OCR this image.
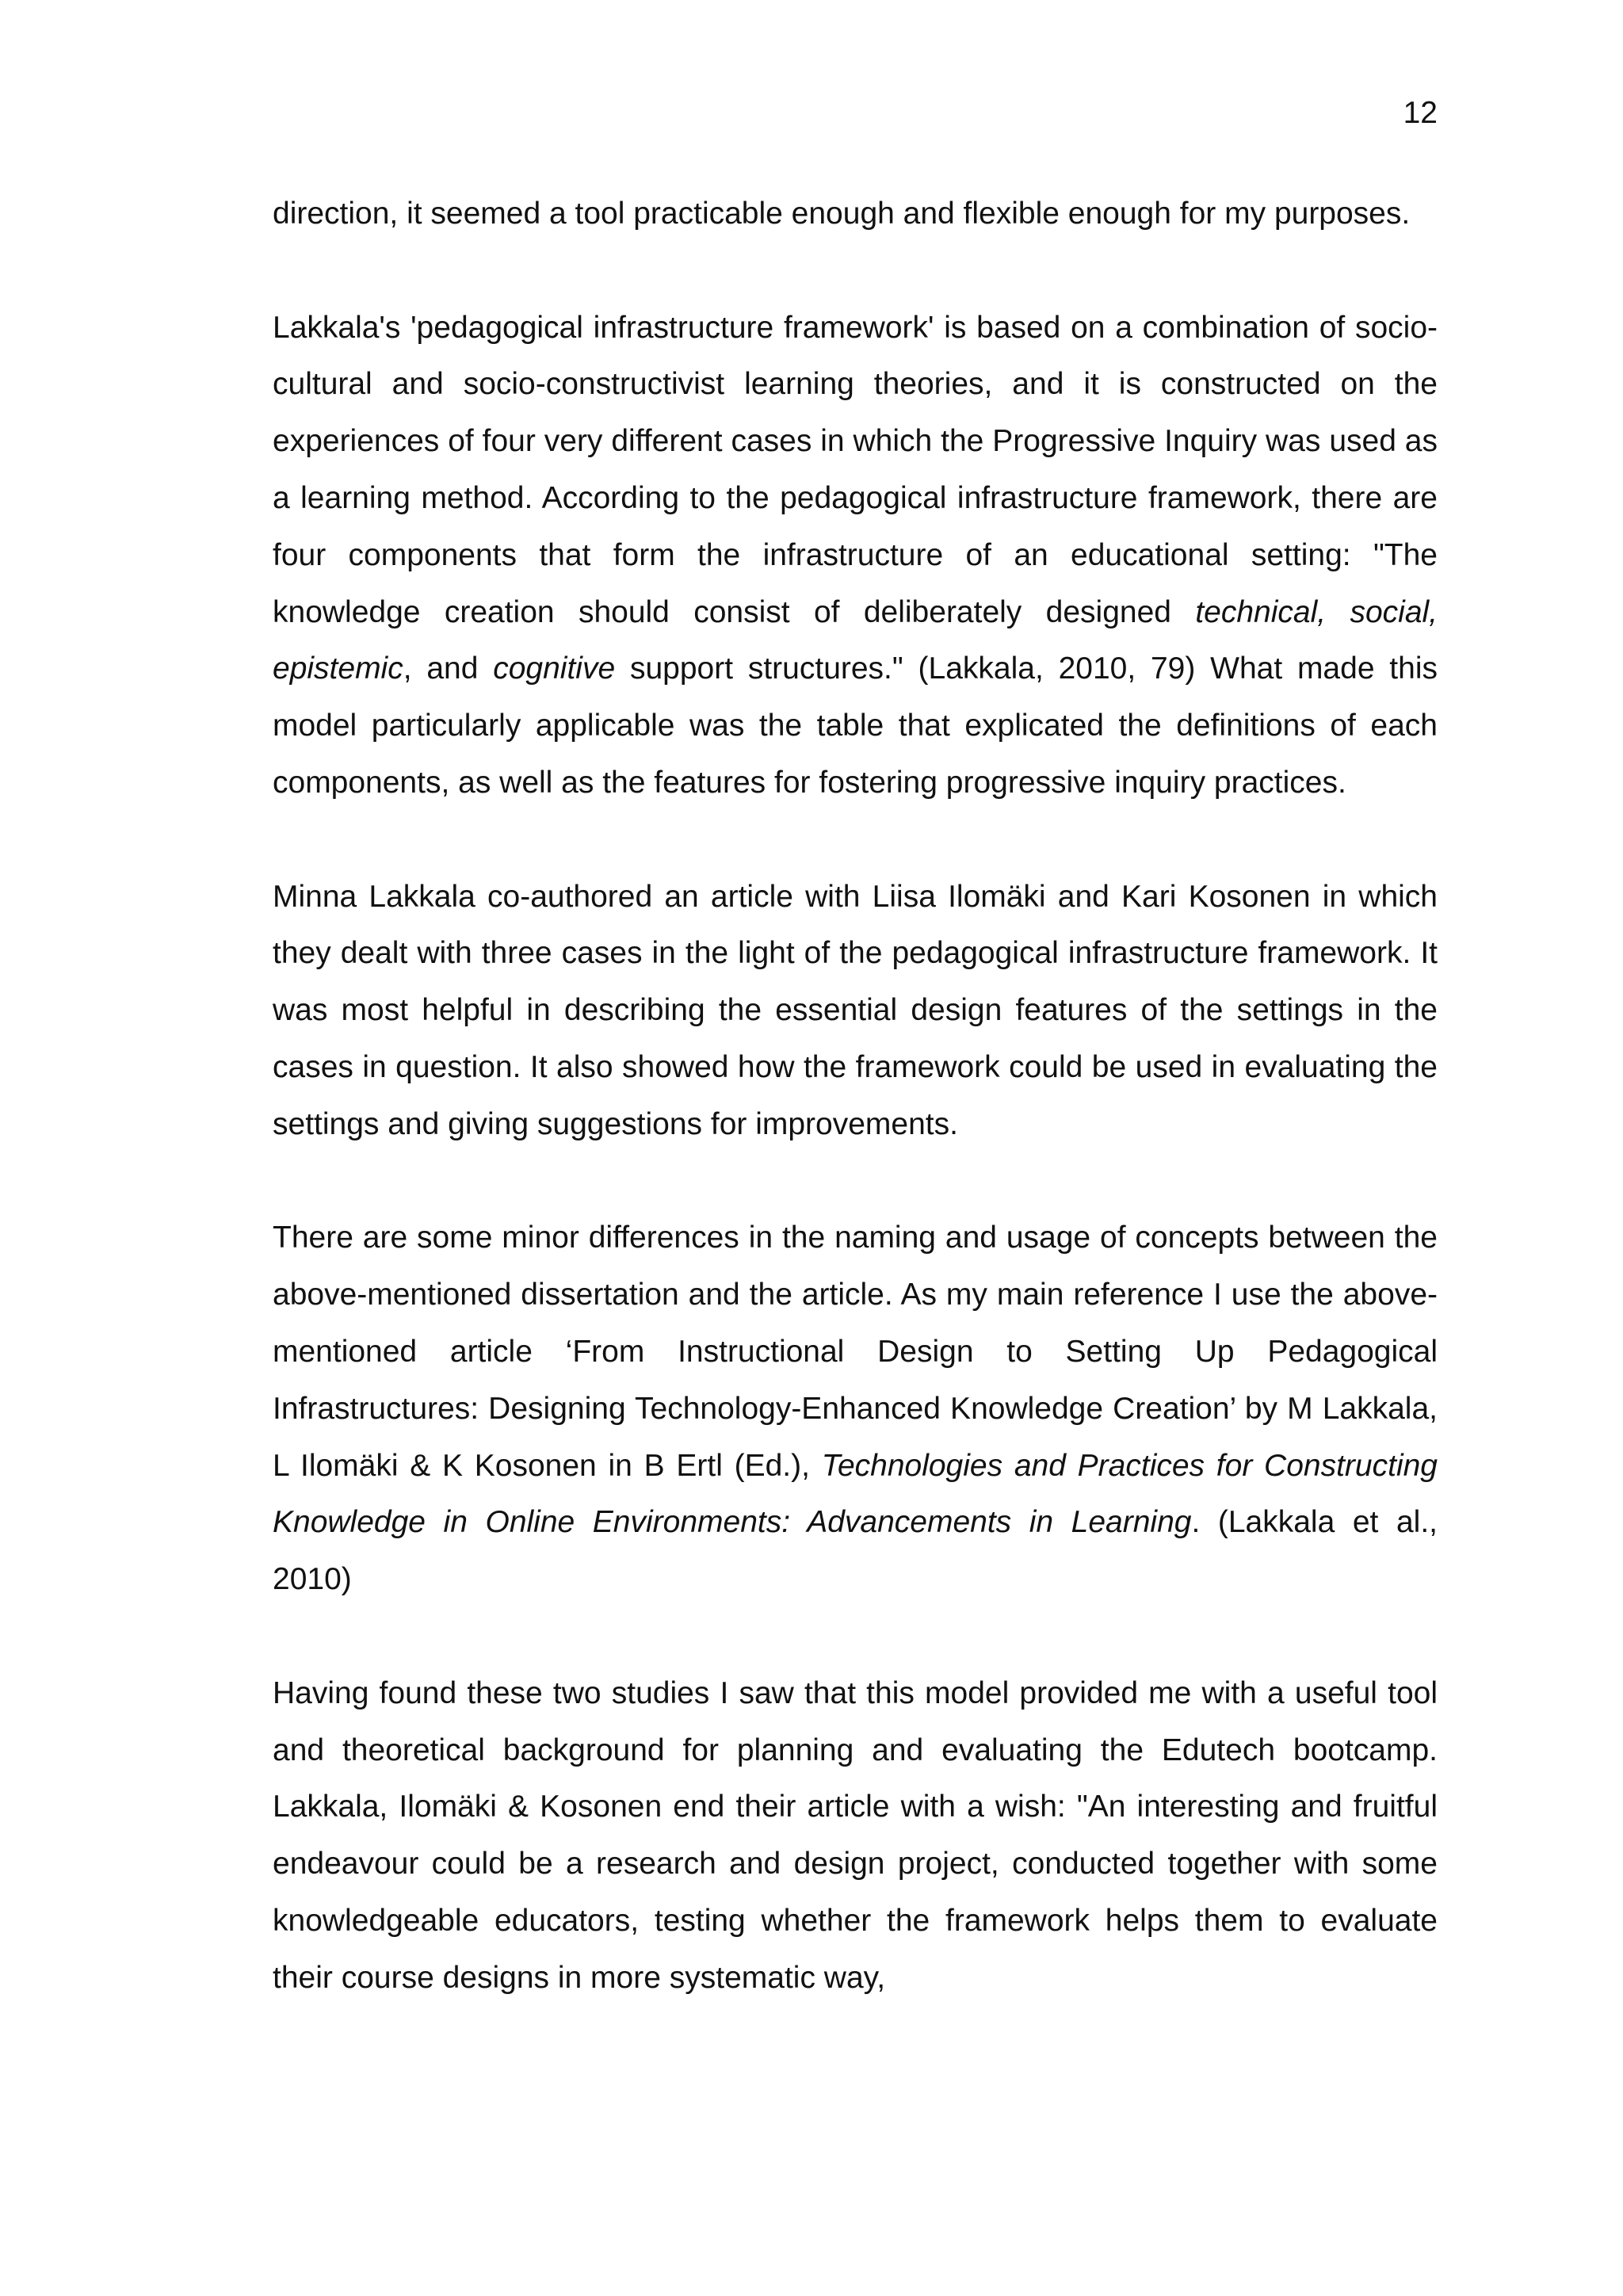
12

direction, it seemed a tool practicable enough and flexible enough for my purposes.

Lakkala's 'pedagogical infrastructure framework' is based on a combination of socio-cultural and socio-constructivist learning theories, and it is constructed on the experiences of four very different cases in which the Progressive Inquiry was used as a learning method. According to the pedagogical infrastructure framework, there are four components that form the infrastructure of an educational setting: "The knowledge creation should consist of deliberately designed technical, social, epistemic, and cognitive support structures." (Lakkala, 2010, 79) What made this model particularly applicable was the table that explicated the definitions of each components, as well as the features for fostering progressive inquiry practices.

Minna Lakkala co-authored an article with Liisa Ilomäki and Kari Kosonen in which they dealt with three cases in the light of the pedagogical infrastructure framework. It was most helpful in describing the essential design features of the settings in the cases in question. It also showed how the framework could be used in evaluating the settings and giving suggestions for improvements.

There are some minor differences in the naming and usage of concepts between the above-mentioned dissertation and the article. As my main reference I use the above-mentioned article ‘From Instructional Design to Setting Up Pedagogical Infrastructures: Designing Technology-Enhanced Knowledge Creation’ by M Lakkala, L Ilomäki & K Kosonen in B Ertl (Ed.), Technologies and Practices for Constructing Knowledge in Online Environments: Advancements in Learning. (Lakkala et al., 2010)

Having found these two studies I saw that this model provided me with a useful tool and theoretical background for planning and evaluating the Edutech bootcamp. Lakkala, Ilomäki & Kosonen end their article with a wish: "An interesting and fruitful endeavour could be a research and design project, conducted together with some knowledgeable educators, testing whether the framework helps them to evaluate their course designs in more systematic way,
